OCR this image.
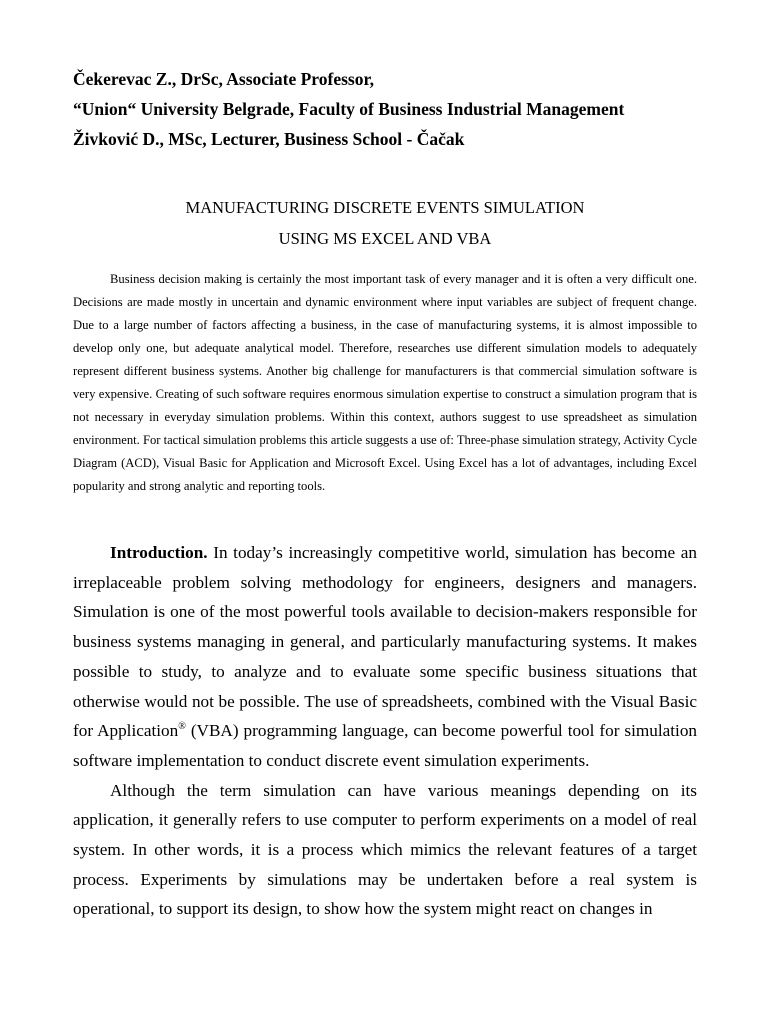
Čekerevac Z., DrSc, Associate Professor,
“Union“ University Belgrade, Faculty of Business Industrial Management
Živković D., MSc, Lecturer, Business School - Čačak
MANUFACTURING DISCRETE EVENTS SIMULATION
USING MS EXCEL AND VBA

Business decision making is certainly the most important task of every manager and it is often a very difficult one. Decisions are made mostly in uncertain and dynamic environment where input variables are subject of frequent change. Due to a large number of factors affecting a business, in the case of manufacturing systems, it is almost impossible to develop only one, but adequate analytical model. Therefore, researches use different simulation models to adequately represent different business systems. Another big challenge for manufacturers is that commercial simulation software is very expensive. Creating of such software requires enormous simulation expertise to construct a simulation program that is not necessary in everyday simulation problems. Within this context, authors suggest to use spreadsheet as simulation environment. For tactical simulation problems this article suggests a use of: Three-phase simulation strategy, Activity Cycle Diagram (ACD), Visual Basic for Application and Microsoft Excel. Using Excel has a lot of advantages, including Excel popularity and strong analytic and reporting tools.

Introduction. In today’s increasingly competitive world, simulation has become an irreplaceable problem solving methodology for engineers, designers and managers. Simulation is one of the most powerful tools available to decision-makers responsible for business systems managing in general, and particularly manufacturing systems. It makes possible to study, to analyze and to evaluate some specific business situations that otherwise would not be possible. The use of spreadsheets, combined with the Visual Basic for Application® (VBA) programming language, can become powerful tool for simulation software implementation to conduct discrete event simulation experiments.

Although the term simulation can have various meanings depending on its application, it generally refers to use computer to perform experiments on a model of real system. In other words, it is a process which mimics the relevant features of a target process. Experiments by simulations may be undertaken before a real system is operational, to support its design, to show how the system might react on changes in
